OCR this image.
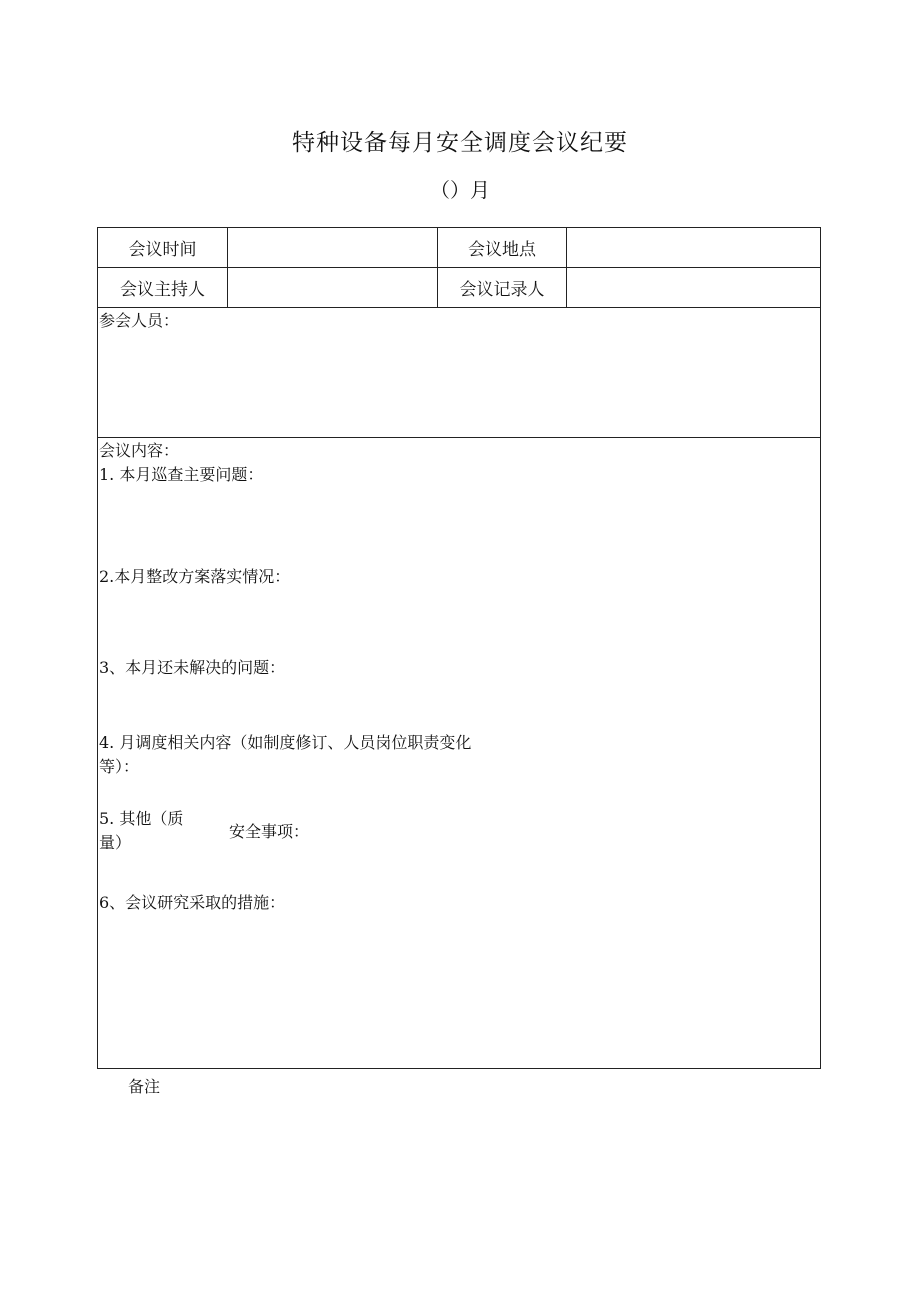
特种设备每月安全调度会议纪要
（）月
会议时间	会议地点
会议主持人	会议记录人
参会人员：
会议内容：
1. 本月巡查主要问题：
2.本月整改方案落实情况：
3、本月还未解决的问题：
4. 月调度相关内容（如制度修订、人员岗位职责变化
等）：
5. 其他（质
量）
安全事项：
6、会议研究采取的措施：
备注
